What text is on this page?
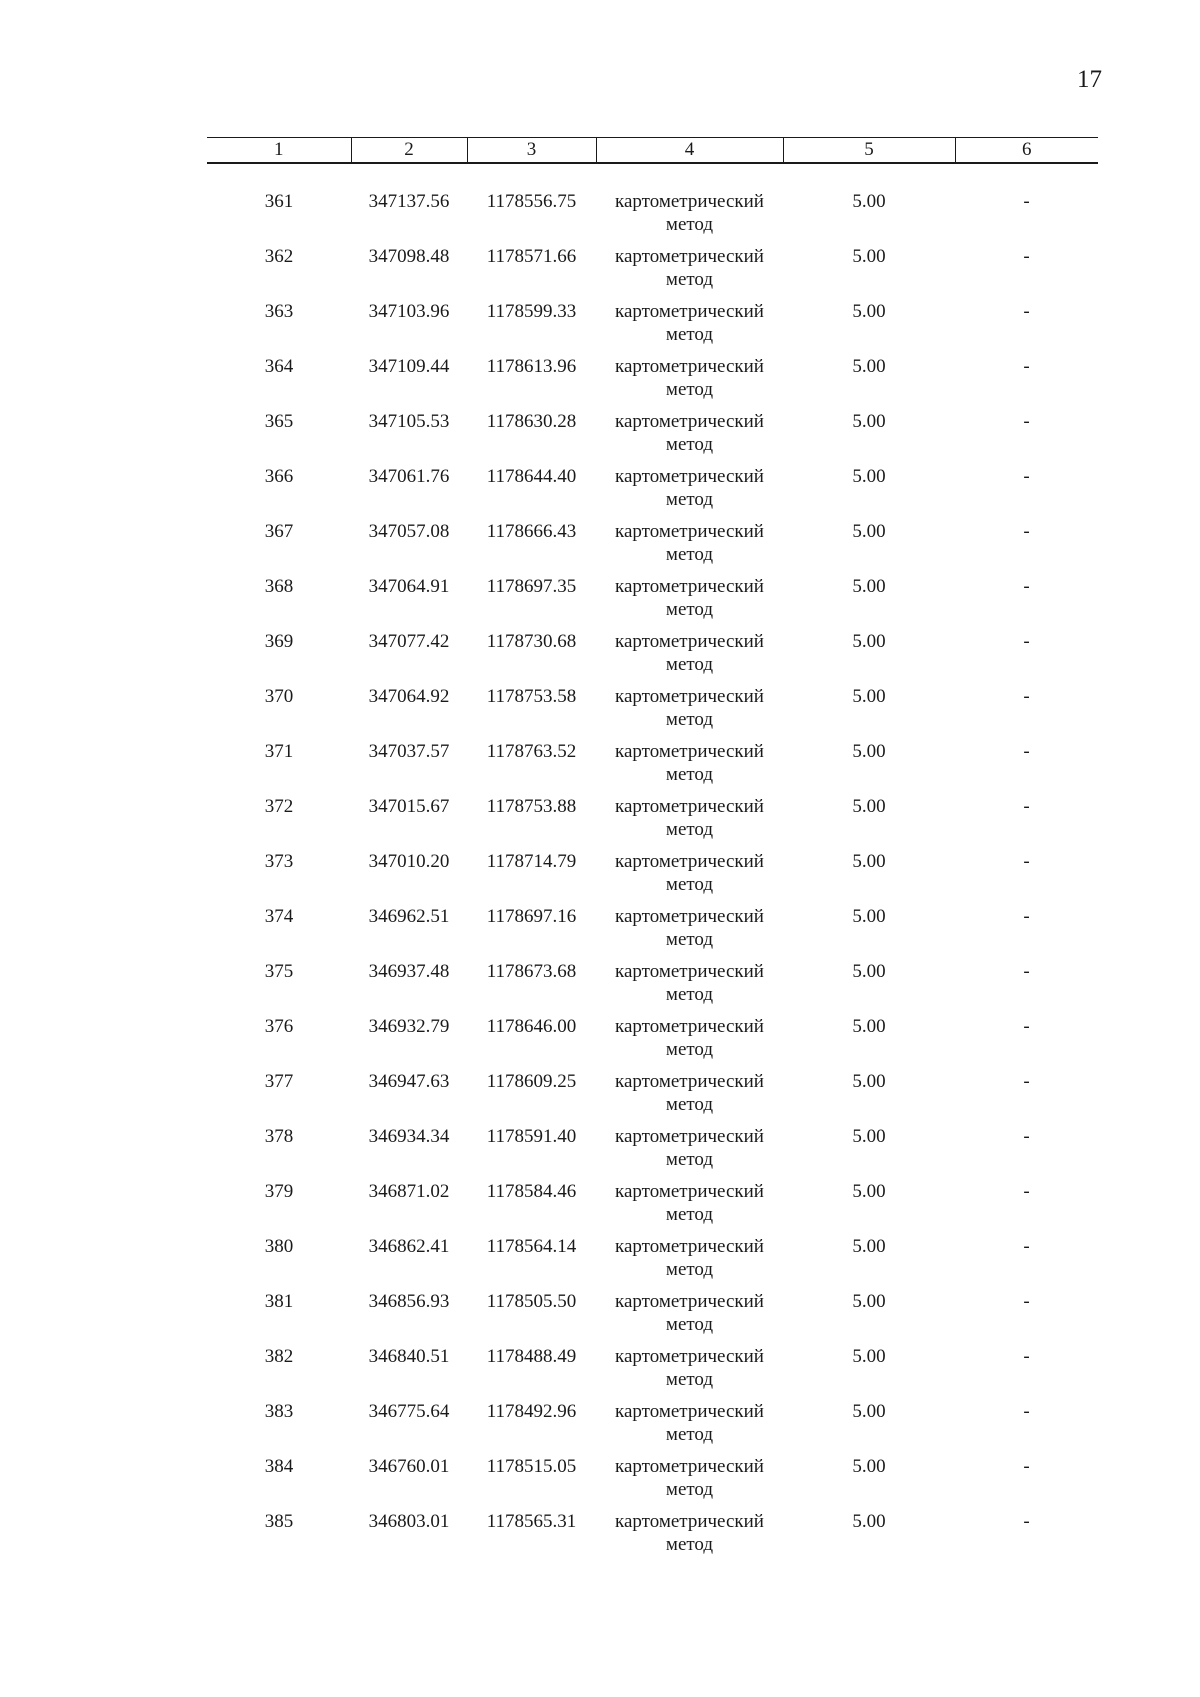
17
1	2	3	4	5	6

361	347137.56	1178556.75	картометрический
метод	5.00	-
362	347098.48	1178571.66	картометрический
метод	5.00	-
363	347103.96	1178599.33	картометрический
метод	5.00	-
364	347109.44	1178613.96	картометрический
метод	5.00	-
365	347105.53	1178630.28	картометрический
метод	5.00	-
366	347061.76	1178644.40	картометрический
метод	5.00	-
367	347057.08	1178666.43	картометрический
метод	5.00	-
368	347064.91	1178697.35	картометрический
метод	5.00	-
369	347077.42	1178730.68	картометрический
метод	5.00	-
370	347064.92	1178753.58	картометрический
метод	5.00	-
371	347037.57	1178763.52	картометрический
метод	5.00	-
372	347015.67	1178753.88	картометрический
метод	5.00	-
373	347010.20	1178714.79	картометрический
метод	5.00	-
374	346962.51	1178697.16	картометрический
метод	5.00	-
375	346937.48	1178673.68	картометрический
метод	5.00	-
376	346932.79	1178646.00	картометрический
метод	5.00	-
377	346947.63	1178609.25	картометрический
метод	5.00	-
378	346934.34	1178591.40	картометрический
метод	5.00	-
379	346871.02	1178584.46	картометрический
метод	5.00	-
380	346862.41	1178564.14	картометрический
метод	5.00	-
381	346856.93	1178505.50	картометрический
метод	5.00	-
382	346840.51	1178488.49	картометрический
метод	5.00	-
383	346775.64	1178492.96	картометрический
метод	5.00	-
384	346760.01	1178515.05	картометрический
метод	5.00	-
385	346803.01	1178565.31	картометрический
метод	5.00	-
